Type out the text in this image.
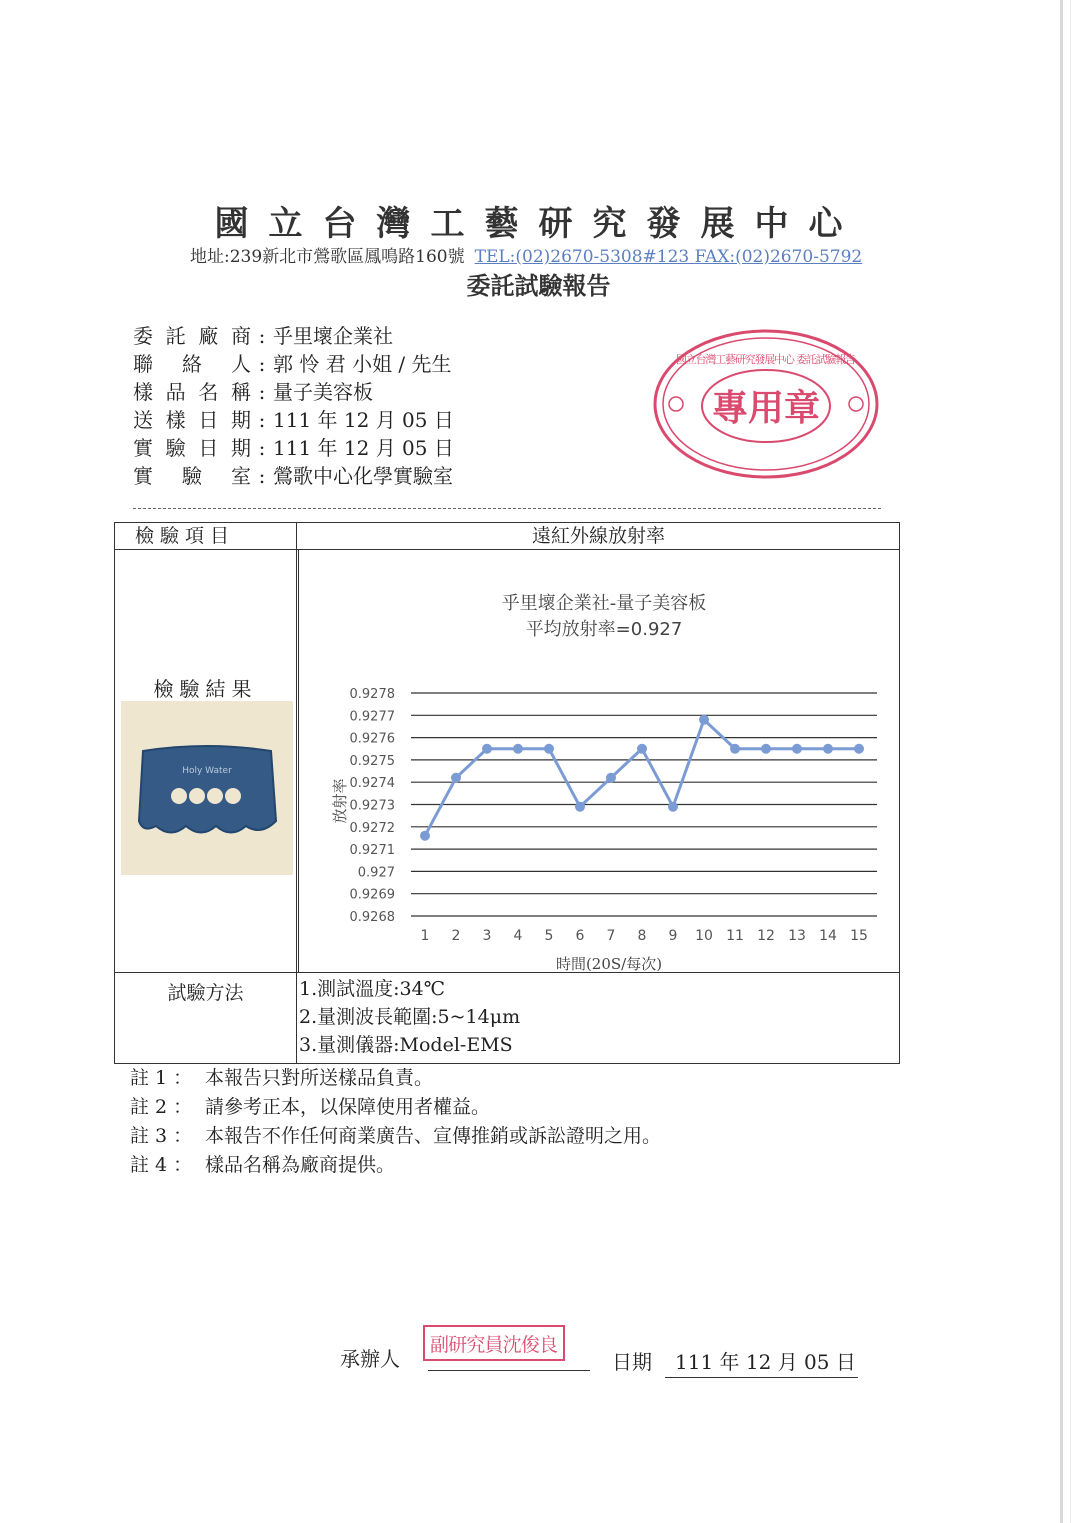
國立台灣工藝研究發展中心
地址:239新北市鶯歌區鳳鳴路160號 TEL:(02)2670-5308#123 FAX:(02)2670-5792
委託試驗報告
委託廠商 : 乎里壞企業社
聯絡人 : 郭 怜 君 小姐 / 先生
樣品名稱 : 量子美容板
送樣日期 : 111 年 12 月 05 日
實驗日期 : 111 年 12 月 05 日
實驗室 : 鶯歌中心化學實驗室
專用章
國立台灣工藝研究發展中心 委託試驗報告
檢驗項目	遠紅外線放射率
檢驗結果
Holy Water
乎里壞企業社-量子美容板
平均放射率=0.927
0.9278
0.9277
0.9276
0.9275
0.9274
0.9273
0.9272
0.9271
0.927
0.9269
0.9268
1 2 3 4 5 6 7 8 9 10 11 12 13 14 15
放射率
時間(20S/每次)
試驗方法	1.測試溫度:34℃
2.量測波長範圍:5~14μm
3.量測儀器:Model-EMS
註 1 ： 本報告只對所送樣品負責。
註 2 ： 請參考正本，以保障使用者權益。
註 3 ： 本報告不作任何商業廣告、宣傳推銷或訴訟證明之用。
註 4 ： 樣品名稱為廠商提供。
承辦人
副研究員沈俊良
日期	111 年 12 月 05 日
